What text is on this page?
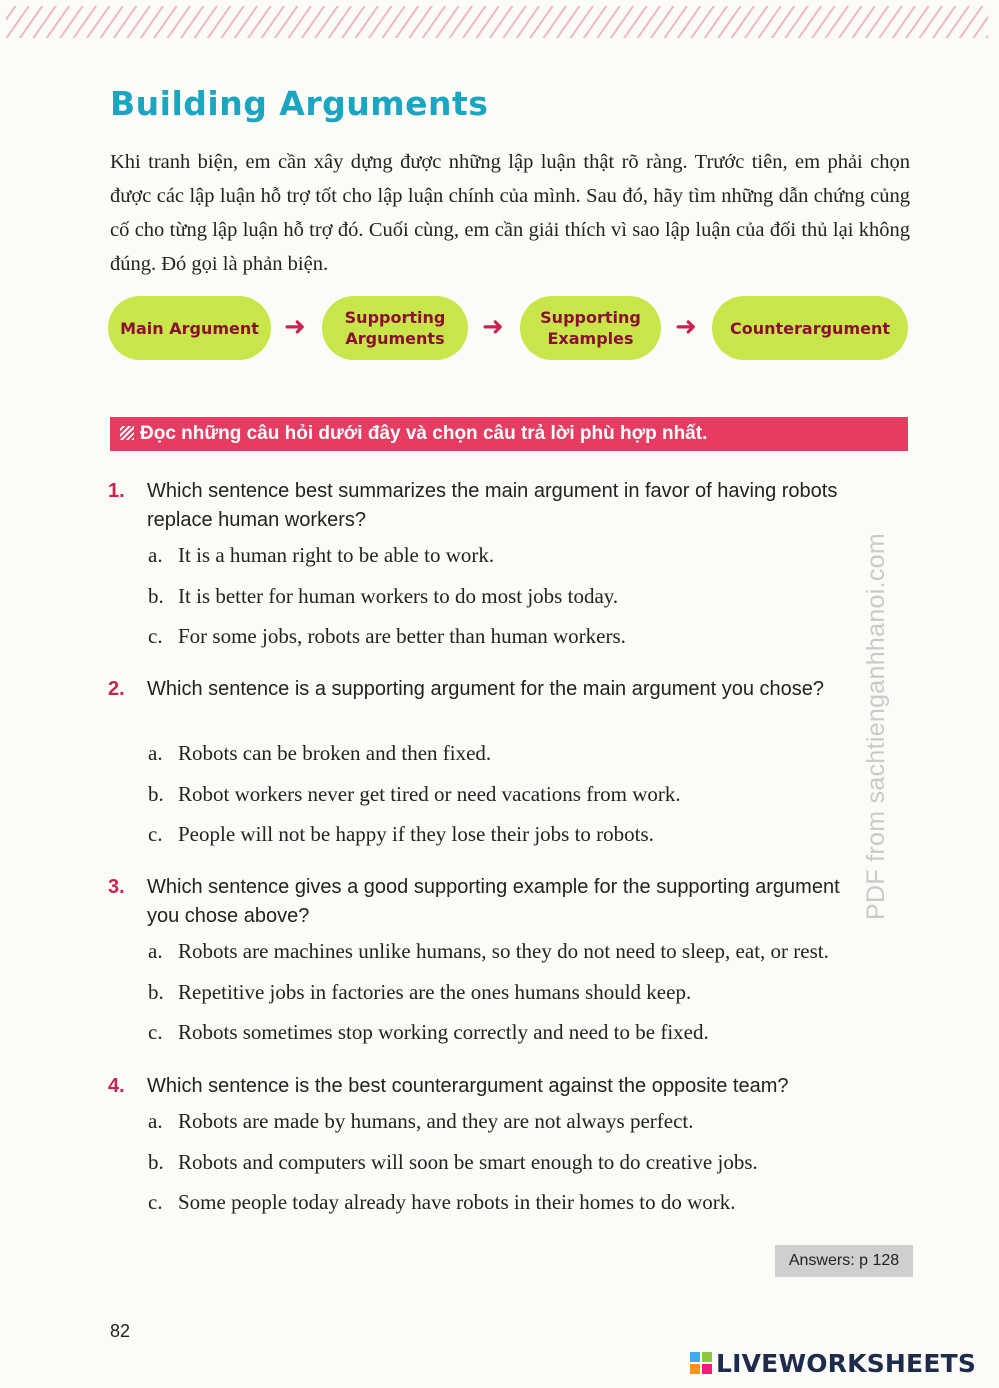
Building Arguments
Khi tranh biện, em cần xây dựng được những lập luận thật rõ ràng. Trước tiên, em phải chọn được các lập luận hỗ trợ tốt cho lập luận chính của mình. Sau đó, hãy tìm những dẫn chứng củng cố cho từng lập luận hỗ trợ đó. Cuối cùng, em cần giải thích vì sao lập luận của đối thủ lại không đúng. Đó gọi là phản biện.
Main Argument ➜	Supporting Arguments	➜	Supporting Examples	➜	Counterargument
Đọc những câu hỏi dưới đây và chọn câu trả lời phù hợp nhất.
1. Which sentence best summarizes the main argument in favor of having robots replace human workers?
a. It is a human right to be able to work.
b. It is better for human workers to do most jobs today.
c. For some jobs, robots are better than human workers.
2. Which sentence is a supporting argument for the main argument you chose?
a. Robots can be broken and then fixed.
b. Robot workers never get tired or need vacations from work.
c. People will not be happy if they lose their jobs to robots.
3. Which sentence gives a good supporting example for the supporting argument you chose above?
a. Robots are machines unlike humans, so they do not need to sleep, eat, or rest.
b. Repetitive jobs in factories are the ones humans should keep.
c. Robots sometimes stop working correctly and need to be fixed.
4. Which sentence is the best counterargument against the opposite team?
a. Robots are made by humans, and they are not always perfect.
b. Robots and computers will soon be smart enough to do creative jobs.
c. Some people today already have robots in their homes to do work.
PDF from sachtienganhhanoi.com
Answers: p 128
82
LIVEWORKSHEETS
